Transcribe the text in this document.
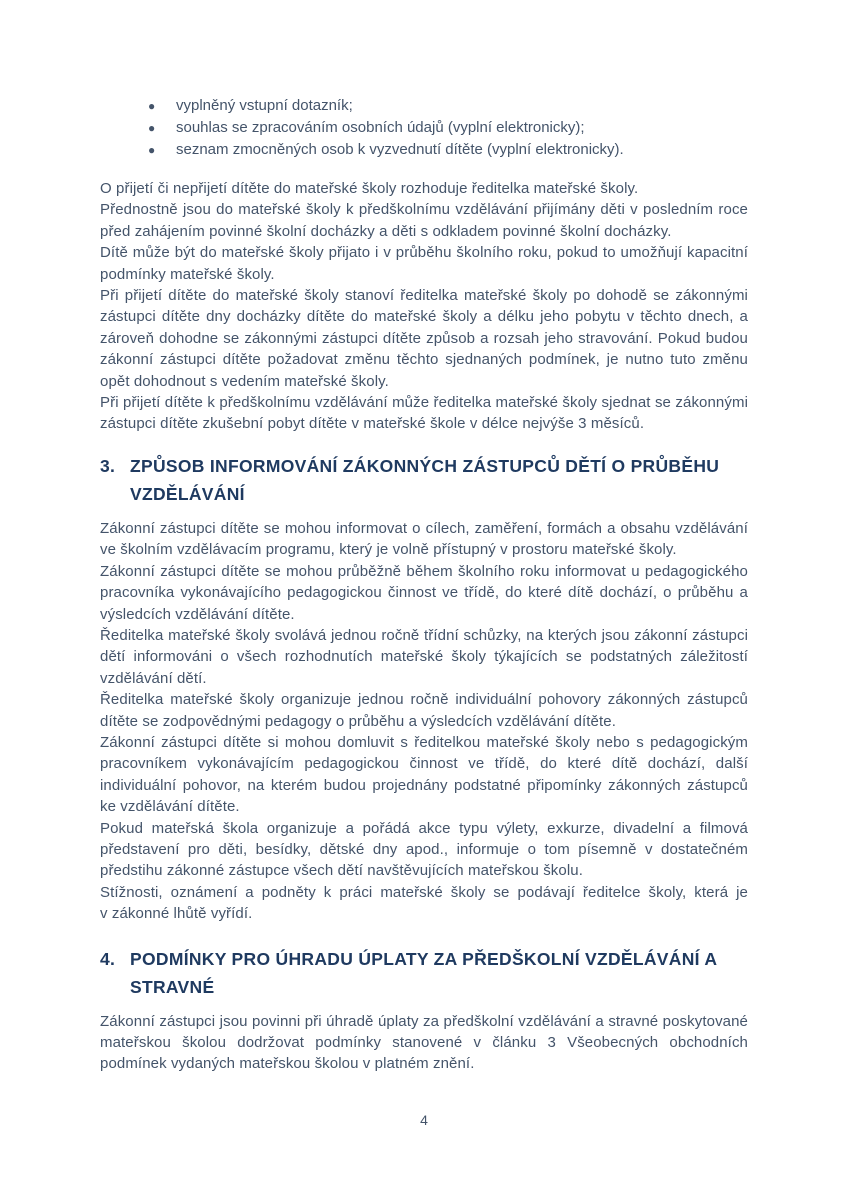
●	vyplněný vstupní dotazník;
●	souhlas se zpracováním osobních údajů (vyplní elektronicky);
●	seznam zmocněných osob k vyzvednutí dítěte (vyplní elektronicky).

O přijetí či nepřijetí dítěte do mateřské školy rozhoduje ředitelka mateřské školy.

Přednostně jsou do mateřské školy k předškolnímu vzdělávání přijímány děti v posledním roce před zahájením povinné školní docházky a děti s odkladem povinné školní docházky.

Dítě může být do mateřské školy přijato i v průběhu školního roku, pokud to umožňují kapacitní podmínky mateřské školy.

Při přijetí dítěte do mateřské školy stanoví ředitelka mateřské školy po dohodě se zákonnými zástupci dítěte dny docházky dítěte do mateřské školy a délku jeho pobytu v těchto dnech, a zároveň dohodne se zákonnými zástupci dítěte způsob a rozsah jeho stravování. Pokud budou zákonní zástupci dítěte požadovat změnu těchto sjednaných podmínek, je nutno tuto změnu opět dohodnout s vedením mateřské školy.

Při přijetí dítěte k předškolnímu vzdělávání může ředitelka mateřské školy sjednat se zákonnými zástupci dítěte zkušební pobyt dítěte v mateřské škole v délce nejvýše 3 měsíců.

3. ZPŮSOB INFORMOVÁNÍ ZÁKONNÝCH ZÁSTUPCŮ DĚTÍ O PRŮBĚHU VZDĚLÁVÁNÍ

Zákonní zástupci dítěte se mohou informovat o cílech, zaměření, formách a obsahu vzdělávání ve školním vzdělávacím programu, který je volně přístupný v prostoru mateřské školy.

Zákonní zástupci dítěte se mohou průběžně během školního roku informovat u pedagogického pracovníka vykonávajícího pedagogickou činnost ve třídě, do které dítě dochází, o průběhu a výsledcích vzdělávání dítěte.

Ředitelka mateřské školy svolává jednou ročně třídní schůzky, na kterých jsou zákonní zástupci dětí informováni o všech rozhodnutích mateřské školy týkajících se podstatných záležitostí vzdělávání dětí.

Ředitelka mateřské školy organizuje jednou ročně individuální pohovory zákonných zástupců dítěte se zodpovědnými pedagogy o průběhu a výsledcích vzdělávání dítěte.

Zákonní zástupci dítěte si mohou domluvit s ředitelkou mateřské školy nebo s pedagogickým pracovníkem vykonávajícím pedagogickou činnost ve třídě, do které dítě dochází, další individuální pohovor, na kterém budou projednány podstatné připomínky zákonných zástupců ke vzdělávání dítěte.

Pokud mateřská škola organizuje a pořádá akce typu výlety, exkurze, divadelní a filmová představení pro děti, besídky, dětské dny apod., informuje o tom písemně v dostatečném předstihu zákonné zástupce všech dětí navštěvujících mateřskou školu.

Stížnosti, oznámení a podněty k práci mateřské školy se podávají ředitelce školy, která je v zákonné lhůtě vyřídí.

4. PODMÍNKY PRO ÚHRADU ÚPLATY ZA PŘEDŠKOLNÍ VZDĚLÁVÁNÍ A STRAVNÉ

Zákonní zástupci jsou povinni při úhradě úplaty za předškolní vzdělávání a stravné poskytované mateřskou školou dodržovat podmínky stanovené v článku 3 Všeobecných obchodních podmínek vydaných mateřskou školou v platném znění.

4
